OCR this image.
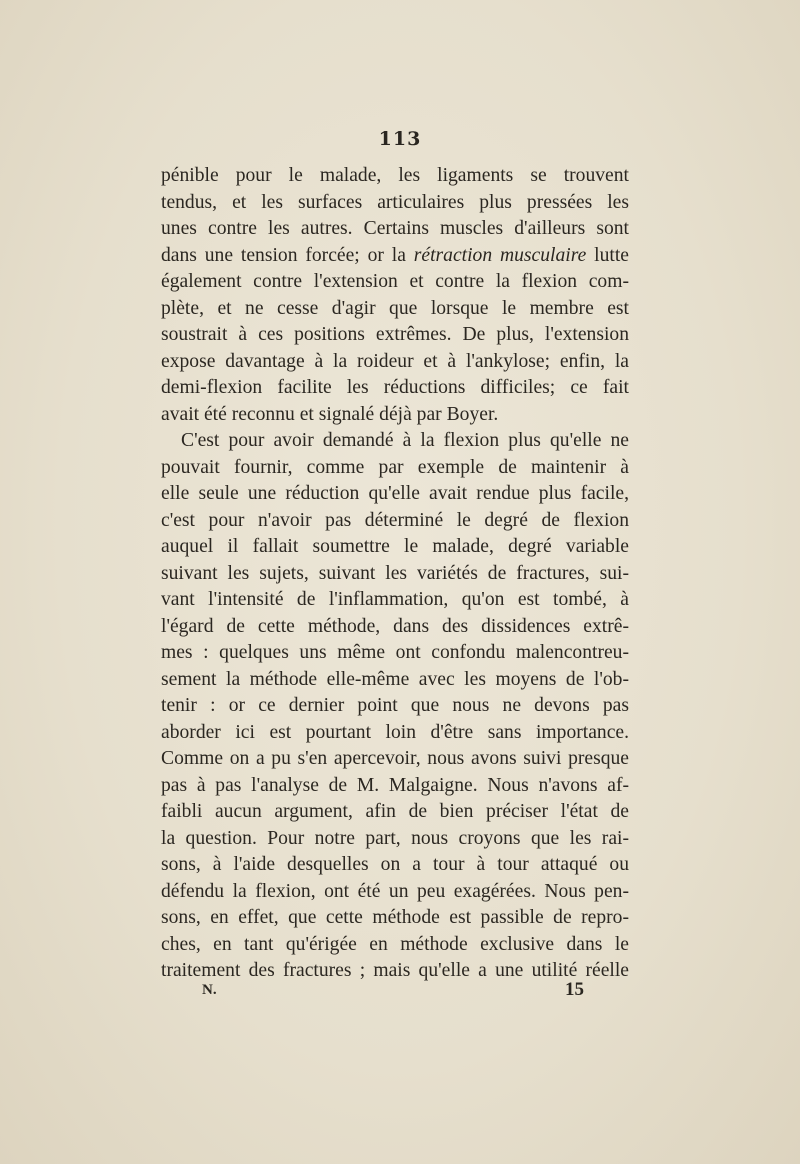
113
pénible pour le malade, les ligaments se trouvent
tendus, et les surfaces articulaires plus pressées les
unes contre les autres. Certains muscles d'ailleurs sont
dans une tension forcée; or la rétraction musculaire lutte
également contre l'extension et contre la flexion com-
plète, et ne cesse d'agir que lorsque le membre est
soustrait à ces positions extrêmes. De plus, l'extension
expose davantage à la roideur et à l'ankylose; enfin, la
demi-flexion facilite les réductions difficiles; ce fait
avait été reconnu et signalé déjà par Boyer.
C'est pour avoir demandé à la flexion plus qu'elle ne
pouvait fournir, comme par exemple de maintenir à
elle seule une réduction qu'elle avait rendue plus facile,
c'est pour n'avoir pas déterminé le degré de flexion
auquel il fallait soumettre le malade, degré variable
suivant les sujets, suivant les variétés de fractures, sui-
vant l'intensité de l'inflammation, qu'on est tombé, à
l'égard de cette méthode, dans des dissidences extrê-
mes : quelques uns même ont confondu malencontreu-
sement la méthode elle-même avec les moyens de l'ob-
tenir : or ce dernier point que nous ne devons pas
aborder ici est pourtant loin d'être sans importance.
Comme on a pu s'en apercevoir, nous avons suivi presque
pas à pas l'analyse de M. Malgaigne. Nous n'avons af-
faibli aucun argument, afin de bien préciser l'état de
la question. Pour notre part, nous croyons que les rai-
sons, à l'aide desquelles on a tour à tour attaqué ou
défendu la flexion, ont été un peu exagérées. Nous pen-
sons, en effet, que cette méthode est passible de repro-
ches, en tant qu'érigée en méthode exclusive dans le
traitement des fractures ; mais qu'elle a une utilité réelle
N.	15
